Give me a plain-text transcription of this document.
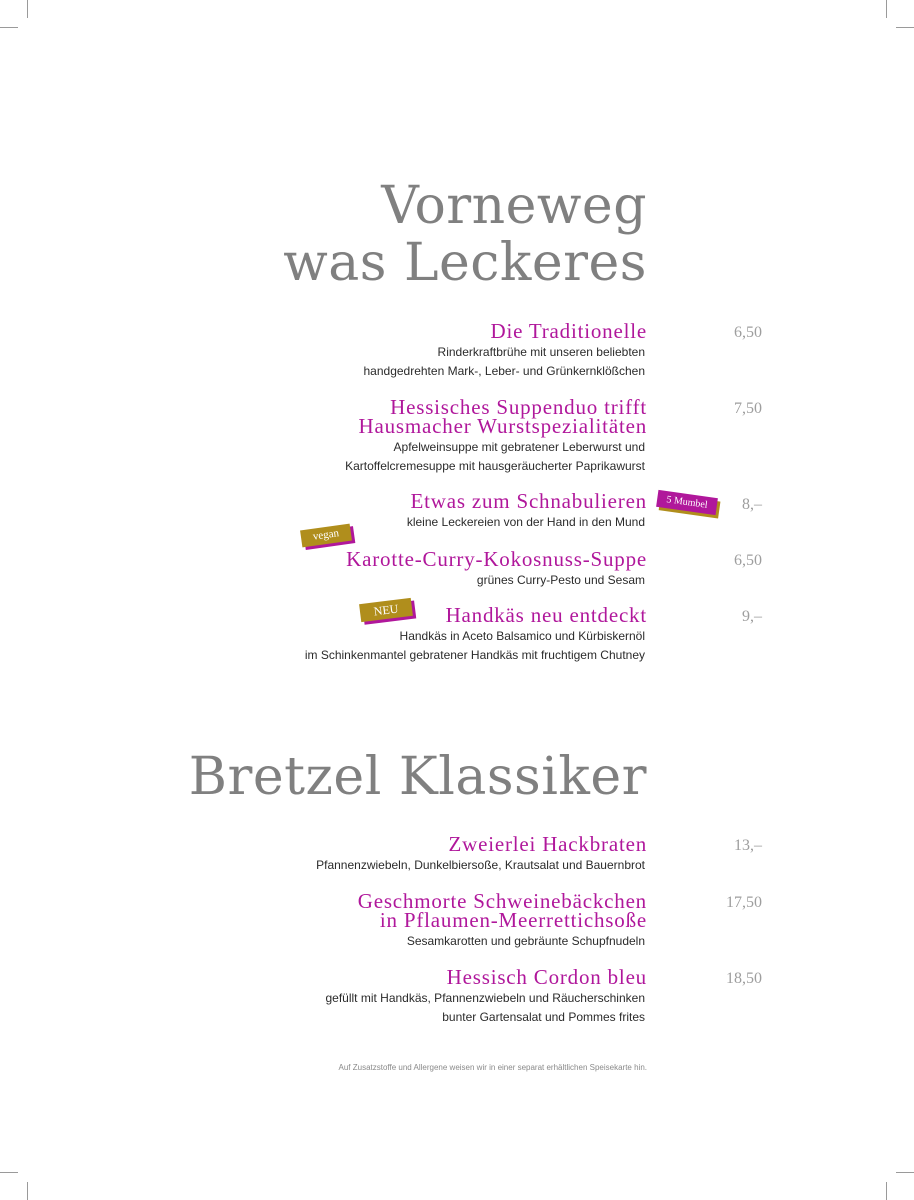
Vorneweg
was Leckeres
Die Traditionelle	6,50
Rinderkraftbrühe mit unseren beliebten
handgedrehten Mark-, Leber- und Grünkernklößchen
Hessisches Suppenduo trifft
Hausmacher Wurstspezialitäten
7,50
Apfelweinsuppe mit gebratener Leberwurst und
Kartoffelcremesuppe mit hausgeräucherter Paprikawurst
Etwas zum Schnabulieren	5 Mumbel	8,–
kleine Leckereien von der Hand in den Mund
vegan
Karotte-Curry-Kokosnuss-Suppe	6,50
grünes Curry-Pesto und Sesam
NEU	Handkäs neu entdeckt	9,–
Handkäs in Aceto Balsamico und Kürbiskernöl
im Schinkenmantel gebratener Handkäs mit fruchtigem Chutney
Bretzel Klassiker
Zweierlei Hackbraten	13,–
Pfannenzwiebeln, Dunkelbiersoße, Krautsalat und Bauernbrot
Geschmorte Schweinebäckchen
in Pflaumen-Meerrettichsoße
17,50
Sesamkarotten und gebräunte Schupfnudeln
Hessisch Cordon bleu	18,50
gefüllt mit Handkäs, Pfannenzwiebeln und Räucherschinken
bunter Gartensalat und Pommes frites
Auf Zusatzstoffe und Allergene weisen wir in einer separat erhältlichen Speisekarte hin.
